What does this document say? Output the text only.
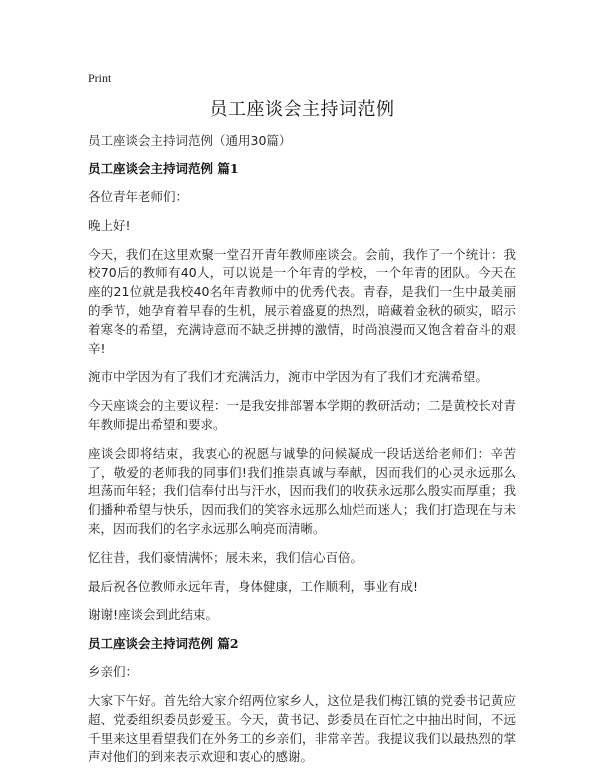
Print
员工座谈会主持词范例

员工座谈会主持词范例（通用30篇）

员工座谈会主持词范例 篇1

各位青年老师们：

晚上好!

今天，我们在这里欢聚一堂召开青年教师座谈会。会前，我作了一个统计：我校70后的教师有40人，可以说是一个年青的学校，一个年青的团队。今天在座的21位就是我校40名年青教师中的优秀代表。青春，是我们一生中最美丽的季节，她孕育着早春的生机，展示着盛夏的热烈，暗藏着金秋的硕实，昭示着寒冬的希望，充满诗意而不缺乏拼搏的激情，时尚浪漫而又饱含着奋斗的艰辛!

涴市中学因为有了我们才充满活力，涴市中学因为有了我们才充满希望。

今天座谈会的主要议程：一是我安排部署本学期的教研活动；二是黄校长对青年教师提出希望和要求。

座谈会即将结束，我衷心的祝愿与诚挚的问候凝成一段话送给老师们：辛苦了，敬爱的老师我的同事们!我们推崇真诚与奉献，因而我们的心灵永远那么坦荡而年轻；我们信奉付出与汗水，因而我们的收获永远那么殷实而厚重；我们播种希望与快乐，因而我们的笑容永远那么灿烂而迷人；我们打造现在与未来，因而我们的名字永远那么响亮而清晰。

忆往昔，我们豪情满怀；展未来，我们信心百倍。

最后祝各位教师永远年青，身体健康，工作顺利，事业有成!

谢谢!座谈会到此结束。

员工座谈会主持词范例 篇2

乡亲们：

大家下午好。首先给大家介绍两位家乡人，这位是我们梅江镇的党委书记黄应超、党委组织委员彭爱玉。今天，黄书记、彭委员在百忙之中抽出时间，不远千里来这里看望我们在外务工的乡亲们，非常辛苦。我提议我们以最热烈的掌声对他们的到来表示欢迎和衷心的感谢。
